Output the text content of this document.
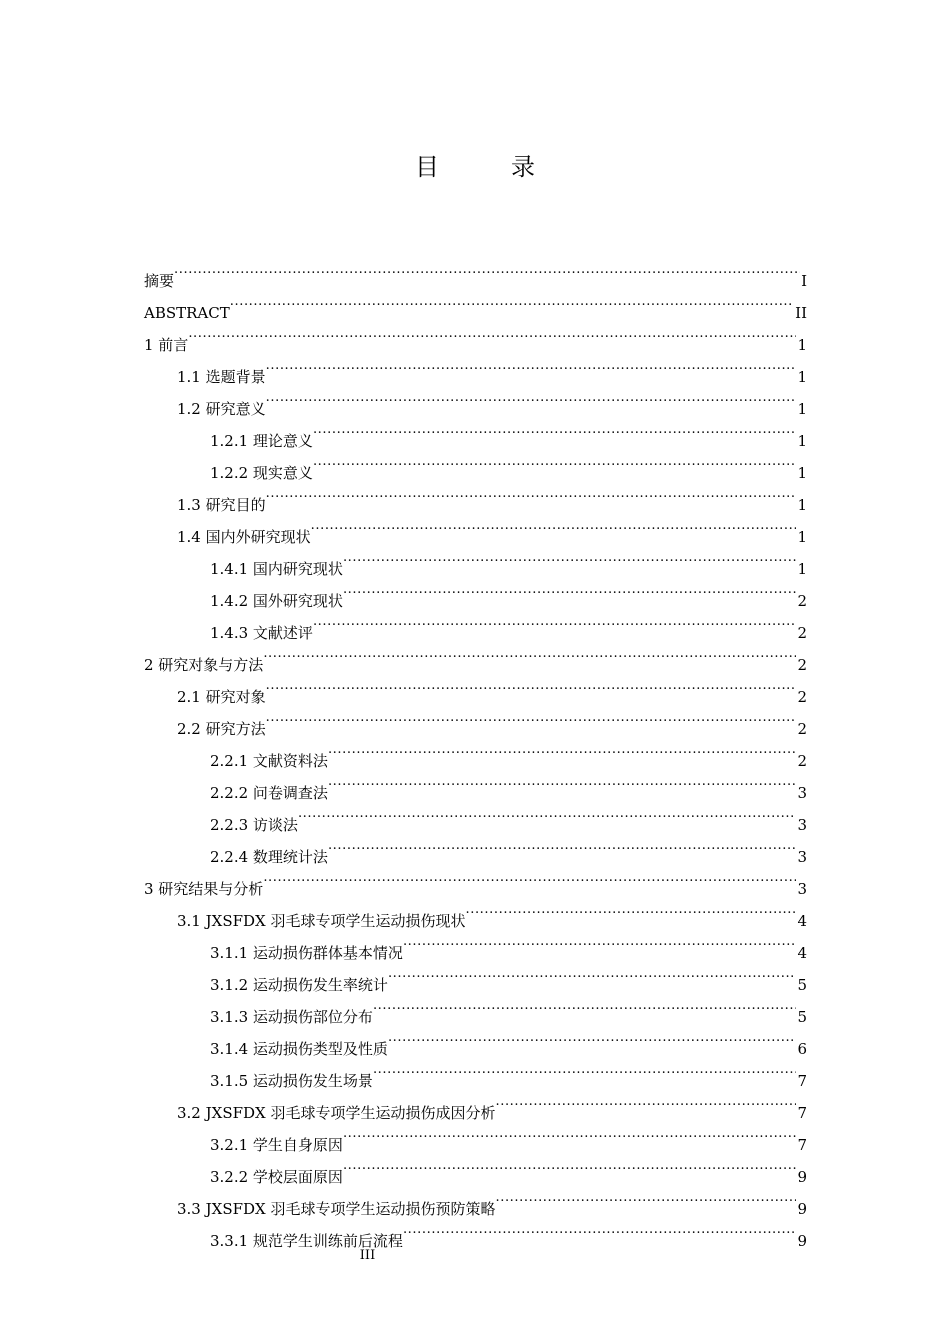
目　录
摘要 .....	I
ABSTRACT .....	II
1 前言 .....	1
1.1 选题背景 .....	1
1.2 研究意义 .....	1
1.2.1 理论意义 .....	1
1.2.2 现实意义 .....	1
1.3 研究目的 .....	1
1.4 国内外研究现状 .....	1
1.4.1 国内研究现状 .....	1
1.4.2 国外研究现状 .....	2
1.4.3 文献述评 .....	2
2 研究对象与方法 .....	2
2.1 研究对象 .....	2
2.2 研究方法 .....	2
2.2.1 文献资料法 .....	2
2.2.2 问卷调查法 .....	3
2.2.3 访谈法 .....	3
2.2.4 数理统计法 .....	3
3 研究结果与分析 .....	3
3.1 JXSFDX 羽毛球专项学生运动损伤现状 .....	4
3.1.1 运动损伤群体基本情况 .....	4
3.1.2 运动损伤发生率统计 .....	5
3.1.3 运动损伤部位分布 .....	5
3.1.4 运动损伤类型及性质 .....	6
3.1.5 运动损伤发生场景 .....	7
3.2 JXSFDX 羽毛球专项学生运动损伤成因分析 .....	7
3.2.1 学生自身原因 .....	7
3.2.2 学校层面原因 .....	9
3.3 JXSFDX 羽毛球专项学生运动损伤预防策略 .....	9
3.3.1 规范学生训练前后流程 .....	9
III
